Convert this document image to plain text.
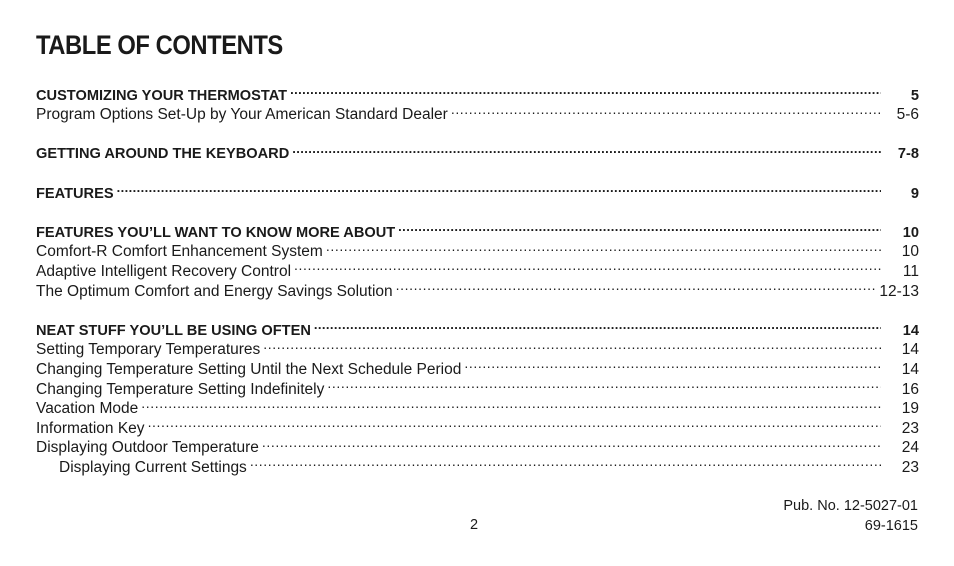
TABLE OF CONTENTS
CUSTOMIZING YOUR THERMOSTAT .....	5
Program Options Set-Up by Your American Standard Dealer .....	5-6
GETTING AROUND THE KEYBOARD .....	7-8
FEATURES .....	9
FEATURES YOU’LL WANT TO KNOW MORE ABOUT .....	10
Comfort-R Comfort Enhancement System .....	10
Adaptive Intelligent Recovery Control .....	11
The Optimum Comfort and Energy Savings Solution .....	12-13
NEAT STUFF YOU’LL BE USING OFTEN .....	14
Setting Temporary Temperatures .....	14
Changing Temperature Setting Until the Next Schedule Period .....	14
Changing Temperature Setting Indefinitely .....	16
Vacation Mode .....	19
Information Key .....	23
Displaying Outdoor Temperature .....	24
Displaying Current Settings .....	23
2
Pub. No. 12-5027-01
69-1615
